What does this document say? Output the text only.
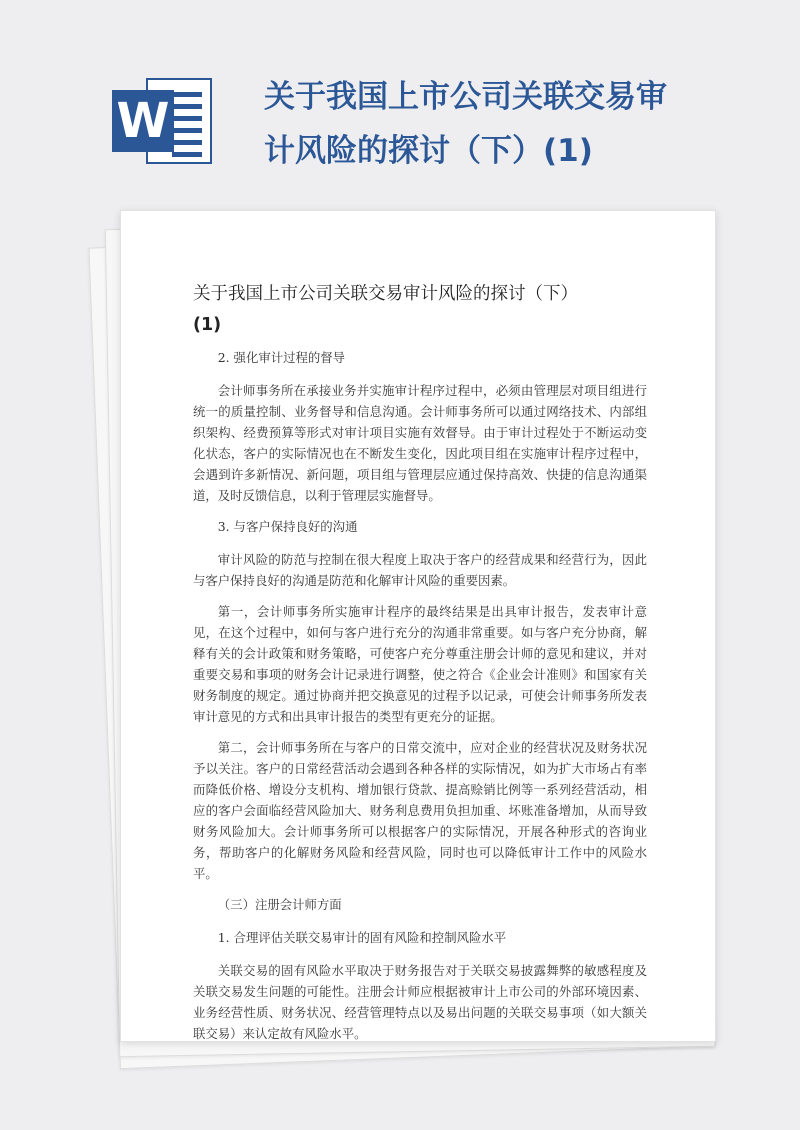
W	关于我国上市公司关联交易审计风险的探讨（下）(1)
关于我国上市公司关联交易审计风险的探讨（下）
(1)

2. 强化审计过程的督导

会计师事务所在承接业务并实施审计程序过程中，必须由管理层对项目组进行统一的质量控制、业务督导和信息沟通。会计师事务所可以通过网络技术、内部组织架构、经费预算等形式对审计项目实施有效督导。由于审计过程处于不断运动变化状态，客户的实际情况也在不断发生变化，因此项目组在实施审计程序过程中，会遇到许多新情况、新问题，项目组与管理层应通过保持高效、快捷的信息沟通渠道，及时反馈信息，以利于管理层实施督导。

3. 与客户保持良好的沟通

审计风险的防范与控制在很大程度上取决于客户的经营成果和经营行为，因此与客户保持良好的沟通是防范和化解审计风险的重要因素。

第一，会计师事务所实施审计程序的最终结果是出具审计报告，发表审计意见，在这个过程中，如何与客户进行充分的沟通非常重要。如与客户充分协商，解释有关的会计政策和财务策略，可使客户充分尊重注册会计师的意见和建议，并对重要交易和事项的财务会计记录进行调整，使之符合《企业会计准则》和国家有关财务制度的规定。通过协商并把交换意见的过程予以记录，可使会计师事务所发表审计意见的方式和出具审计报告的类型有更充分的证据。

第二，会计师事务所在与客户的日常交流中，应对企业的经营状况及财务状况予以关注。客户的日常经营活动会遇到各种各样的实际情况，如为扩大市场占有率而降低价格、增设分支机构、增加银行贷款、提高赊销比例等一系列经营活动，相应的客户会面临经营风险加大、财务利息费用负担加重、坏账准备增加，从而导致财务风险加大。会计师事务所可以根据客户的实际情况，开展各种形式的咨询业务，帮助客户的化解财务风险和经营风险，同时也可以降低审计工作中的风险水平。

（三）注册会计师方面

1. 合理评估关联交易审计的固有风险和控制风险水平

关联交易的固有风险水平取决于财务报告对于关联交易披露舞弊的敏感程度及关联交易发生问题的可能性。注册会计师应根据被审计上市公司的外部环境因素、业务经营性质、财务状况、经营管理特点以及易出问题的关联交易事项（如大额关联交易）来认定故有风险水平。
